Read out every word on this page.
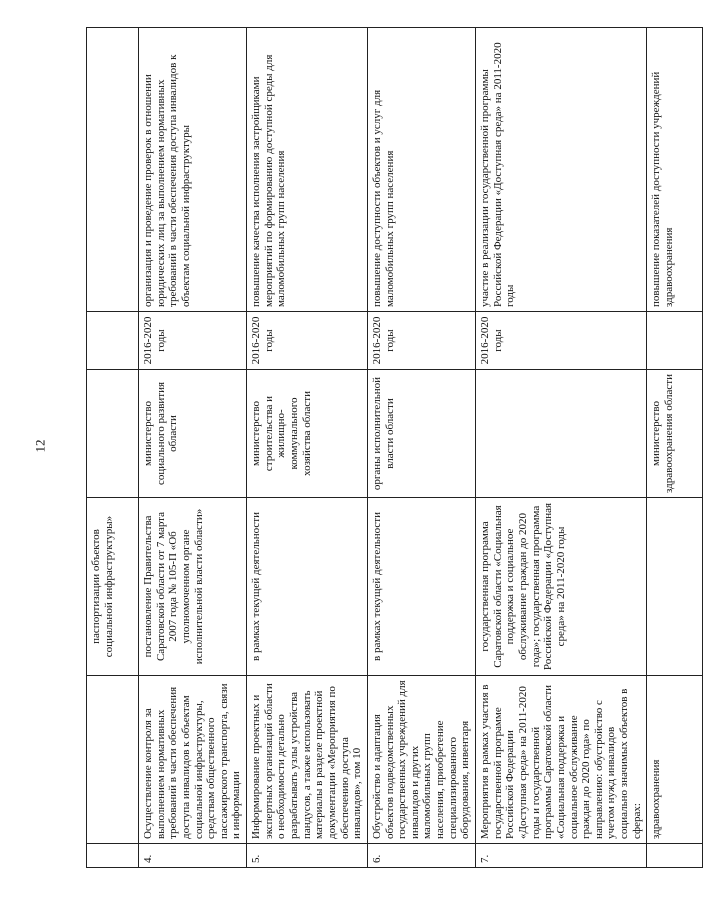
12
		паспортизации объектов социальной инфраструктуры»			
4.	Осуществление контроля за выполнением нормативных требований в части обеспечения доступа инвалидов к объектам социальной инфраструктуры, средствам общественного пассажирского транспорта, связи и информации	постановление Правительства Саратовской области от 7 марта 2007 года № 105-П «Об уполномоченном органе исполнительной власти области»	министерство социального развития области	2016-2020 годы	организация и проведение проверок в отношении юридических лиц за выполнением нормативных требований в части обеспечения доступа инвалидов к объектам социальной инфраструктуры
5.	Информирование проектных и экспертных организаций области о необходимости детально разрабатывать узлы устройства пандусов, а также использовать материалы в разделе проектной документации «Мероприятия по обеспечению доступа инвалидов», том 10	в рамках текущей деятельности	министерство строительства и жилищно-коммунального хозяйства области	2016-2020 годы	повышение качества исполнения застройщиками мероприятий по формированию доступной среды для маломобильных групп населения
6.	Обустройство и адаптация объектов подведомственных государственных учреждений для инвалидов и других маломобильных групп населения, приобретение специализированного оборудования, инвентаря	в рамках текущей деятельности	органы исполнительной власти области	2016-2020 годы	повышение доступности объектов и услуг для маломобильных групп населения
7.	Мероприятия в рамках участия в государственной программе Российской Федерации «Доступная среда» на 2011-2020 годы и государственной программы Саратовской области «Социальная поддержка и социальное обслуживание граждан до 2020 года» по направлению: обустройство с учетом нужд инвалидов социально значимых объектов в сферах:	государственная программа Саратовской области «Социальная поддержка и социальное обслуживание граждан до 2020 года»; государственная программа Российской Федерации «Доступная среда» на 2011-2020 годы		2016-2020 годы	участие в реализации государственной программы Российской Федерации «Доступная среда» на 2011-2020 годы
	здравоохранения		министерство здравоохранения области		повышение показателей доступности учреждений здравоохранения
